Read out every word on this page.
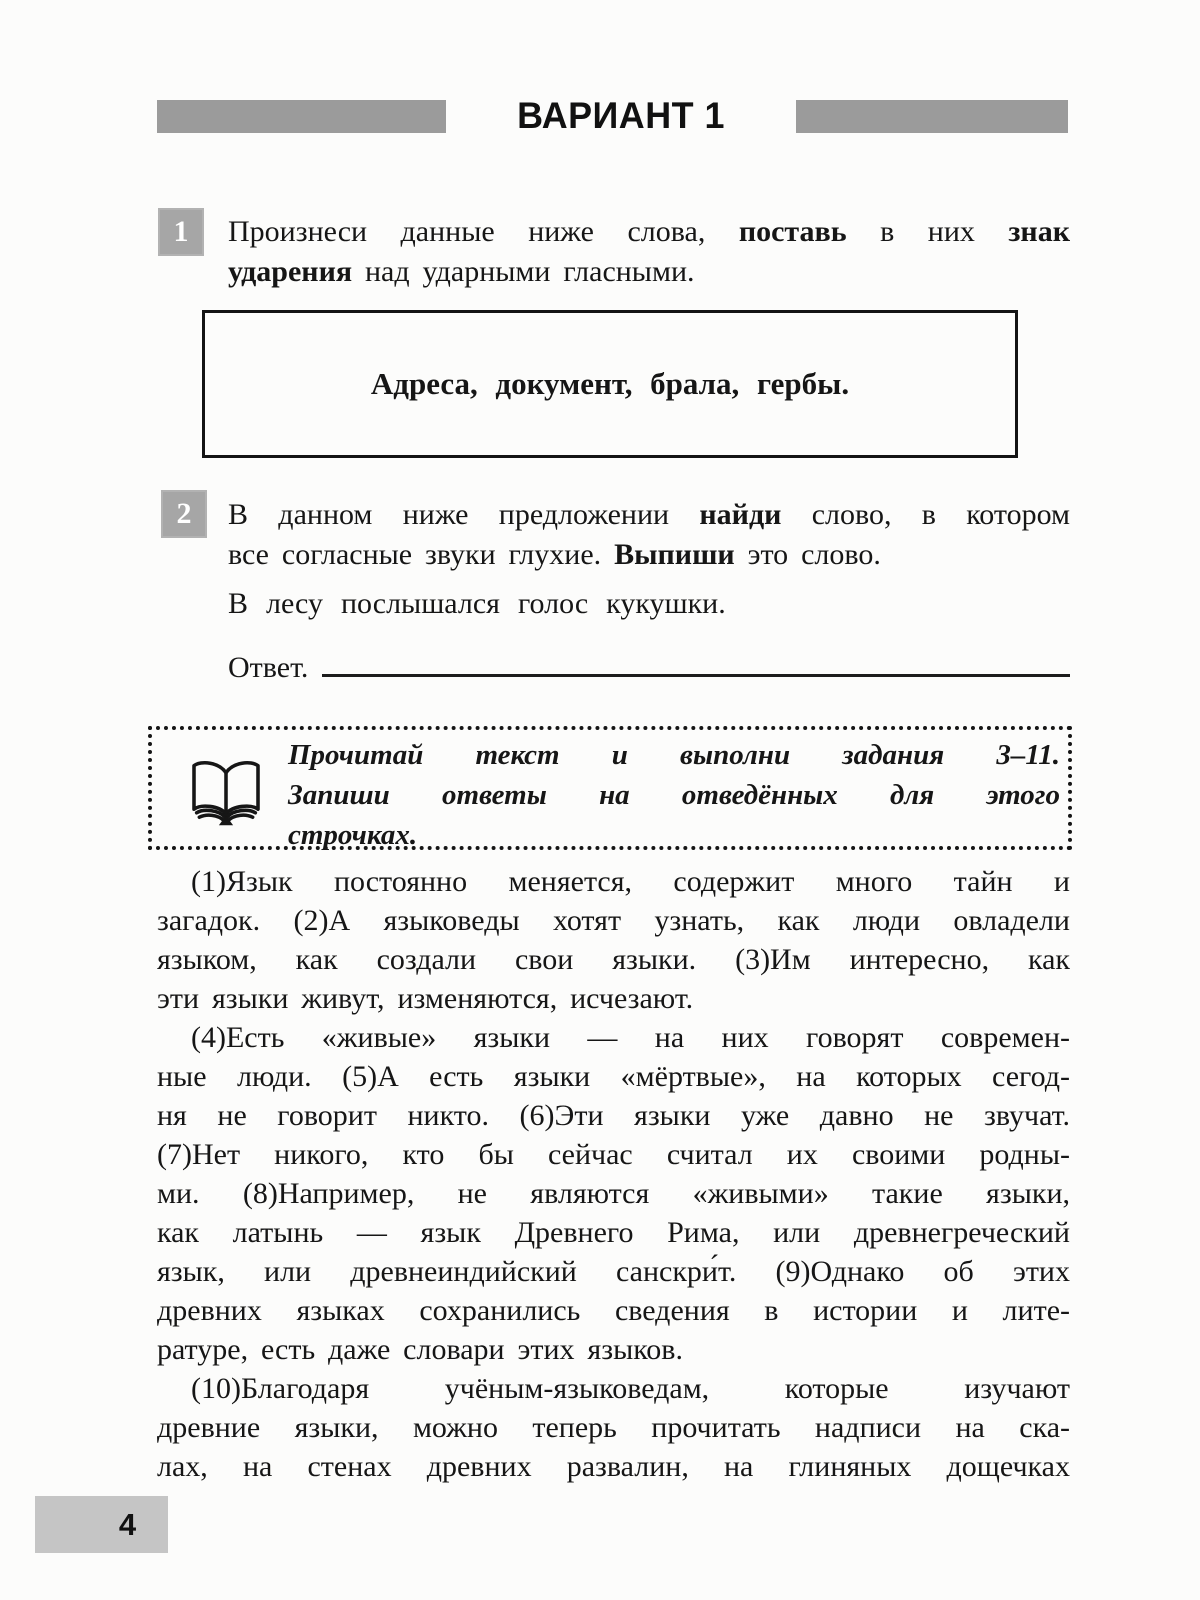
ВАРИАНТ 1
1	Произнеси данные ниже слова, поставь в них знак
ударения над ударными гласными.
Адреса, документ, брала, гербы.
2	В данном ниже предложении найди слово, в котором
все согласные звуки глухие. Выпиши это слово.
В лесу послышался голос кукушки.
Ответ.
Прочитай текст и выполни задания 3–11.
Запиши ответы на отведённых для этого
строчках.
(1)Язык постоянно меняется, содержит много тайн и
загадок. (2)А языковеды хотят узнать, как люди овладели
языком, как создали свои языки. (3)Им интересно, как
эти языки живут, изменяются, исчезают.
(4)Есть «живые» языки — на них говорят современ-
ные люди. (5)А есть языки «мёртвые», на которых сегод-
ня не говорит никто. (6)Эти языки уже давно не звучат.
(7)Нет никого, кто бы сейчас считал их своими родны-
ми. (8)Например, не являются «живыми» такие языки,
как латынь — язык Древнего Рима, или древнегреческий
язык, или древнеиндийский санскри́т. (9)Однако об этих
древних языках сохранились сведения в истории и лите-
ратуре, есть даже словари этих языков.
(10)Благодаря учёным-языковедам, которые изучают
древние языки, можно теперь прочитать надписи на ска-
лах, на стенах древних развалин, на глиняных дощечках
4
